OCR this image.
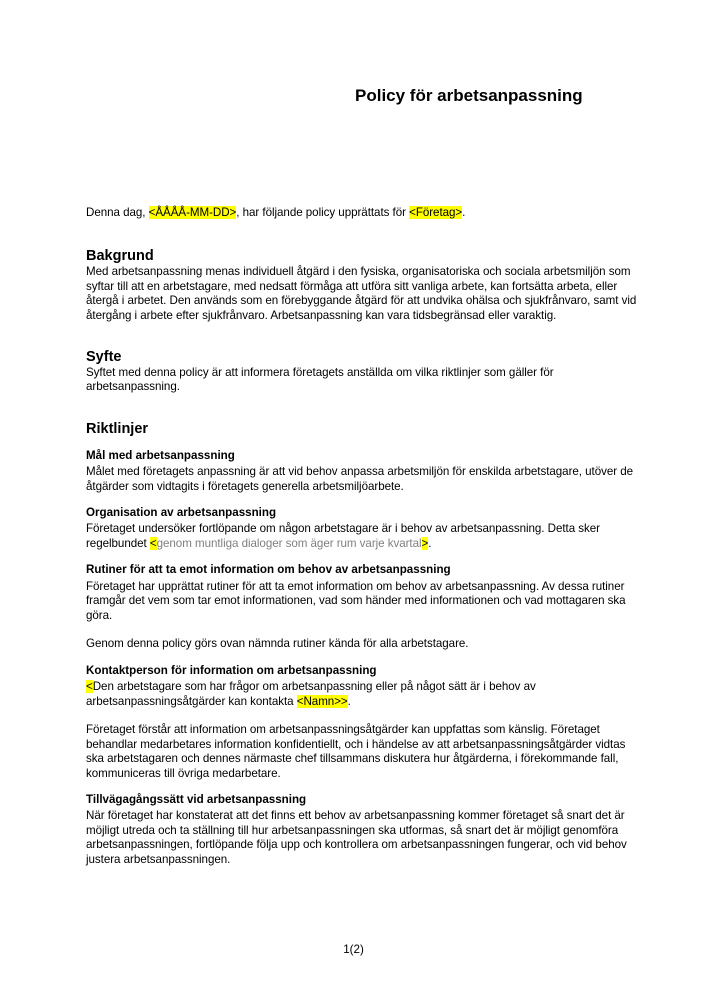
Policy för arbetsanpassning

Denna dag, <ÅÅÅÅ-MM-DD>, har följande policy upprättats för <Företag>.

Bakgrund

Med arbetsanpassning menas individuell åtgärd i den fysiska, organisatoriska och sociala arbetsmiljön som syftar till att en arbetstagare, med nedsatt förmåga att utföra sitt vanliga arbete, kan fortsätta arbeta, eller återgå i arbetet. Den används som en förebyggande åtgärd för att undvika ohälsa och sjukfrånvaro, samt vid återgång i arbete efter sjukfrånvaro. Arbetsanpassning kan vara tidsbegränsad eller varaktig.

Syfte

Syftet med denna policy är att informera företagets anställda om vilka riktlinjer som gäller för arbetsanpassning.

Riktlinjer
Mål med arbetsanpassning

Målet med företagets anpassning är att vid behov anpassa arbetsmiljön för enskilda arbetstagare, utöver de åtgärder som vidtagits i företagets generella arbetsmiljöarbete.

Organisation av arbetsanpassning

Företaget undersöker fortlöpande om någon arbetstagare är i behov av arbetsanpassning. Detta sker regelbundet <genom muntliga dialoger som äger rum varje kvartal>.

Rutiner för att ta emot information om behov av arbetsanpassning

Företaget har upprättat rutiner för att ta emot information om behov av arbetsanpassning. Av dessa rutiner framgår det vem som tar emot informationen, vad som händer med informationen och vad mottagaren ska göra.

Genom denna policy görs ovan nämnda rutiner kända för alla arbetstagare.

Kontaktperson för information om arbetsanpassning

<Den arbetstagare som har frågor om arbetsanpassning eller på något sätt är i behov av arbetsanpassningsåtgärder kan kontakta <Namn>>.

Företaget förstår att information om arbetsanpassningsåtgärder kan uppfattas som känslig. Företaget behandlar medarbetares information konfidentiellt, och i händelse av att arbetsanpassningsåtgärder vidtas ska arbetstagaren och dennes närmaste chef tillsammans diskutera hur åtgärderna, i förekommande fall, kommuniceras till övriga medarbetare.

Tillvägagångssätt vid arbetsanpassning

När företaget har konstaterat att det finns ett behov av arbetsanpassning kommer företaget så snart det är möjligt utreda och ta ställning till hur arbetsanpassningen ska utformas, så snart det är möjligt genomföra arbetsanpassningen, fortlöpande följa upp och kontrollera om arbetsanpassningen fungerar, och vid behov justera arbetsanpassningen.

1(2)
